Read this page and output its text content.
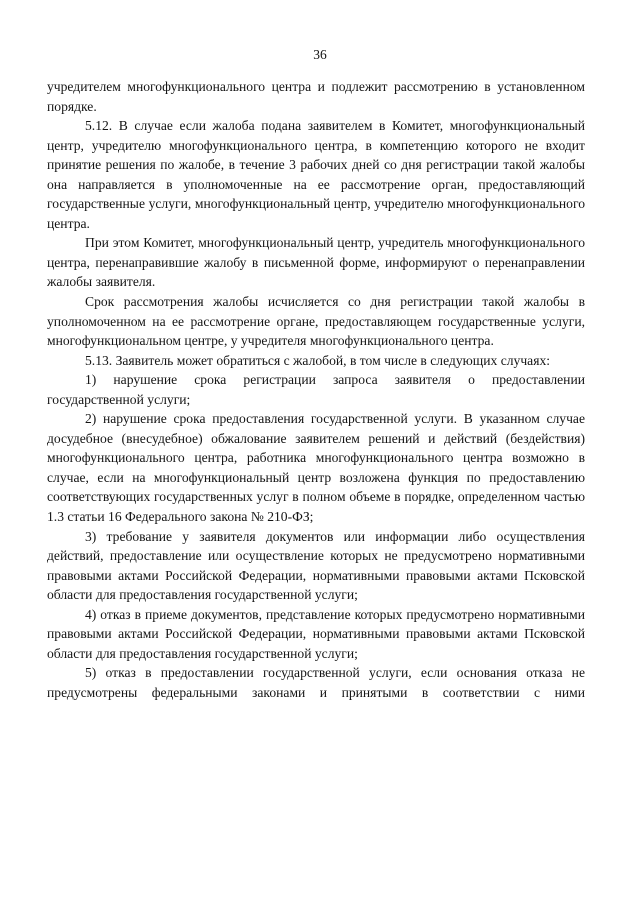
36

учредителем многофункционального центра и подлежит рассмотрению в установленном порядке.

5.12. В случае если жалоба подана заявителем в Комитет, многофункциональный центр, учредителю многофункционального центра, в компетенцию которого не входит принятие решения по жалобе, в течение 3 рабочих дней со дня регистрации такой жалобы она направляется в уполномоченные на ее рассмотрение орган, предоставляющий государственные услуги, многофункциональный центр, учредителю многофункционального центра.

При этом Комитет, многофункциональный центр, учредитель многофункционального центра, перенаправившие жалобу в письменной форме, информируют о перенаправлении жалобы заявителя.

Срок рассмотрения жалобы исчисляется со дня регистрации такой жалобы в уполномоченном на ее рассмотрение органе, предоставляющем государственные услуги, многофункциональном центре, у учредителя многофункционального центра.

5.13. Заявитель может обратиться с жалобой, в том числе в следующих случаях:

1) нарушение срока регистрации запроса заявителя о предоставлении государственной услуги;

2) нарушение срока предоставления государственной услуги. В указанном случае досудебное (внесудебное) обжалование заявителем решений и действий (бездействия) многофункционального центра, работника многофункционального центра возможно в случае, если на многофункциональный центр возложена функция по предоставлению соответствующих государственных услуг в полном объеме в порядке, определенном частью 1.3 статьи 16 Федерального закона № 210-ФЗ;

3) требование у заявителя документов или информации либо осуществления действий, предоставление или осуществление которых не предусмотрено нормативными правовыми актами Российской Федерации, нормативными правовыми актами Псковской области для предоставления государственной услуги;

4) отказ в приеме документов, представление которых предусмотрено нормативными правовыми актами Российской Федерации, нормативными правовыми актами Псковской области для предоставления государственной услуги;

5) отказ в предоставлении государственной услуги, если основания отказа не предусмотрены федеральными законами и принятыми в соответствии с ними
